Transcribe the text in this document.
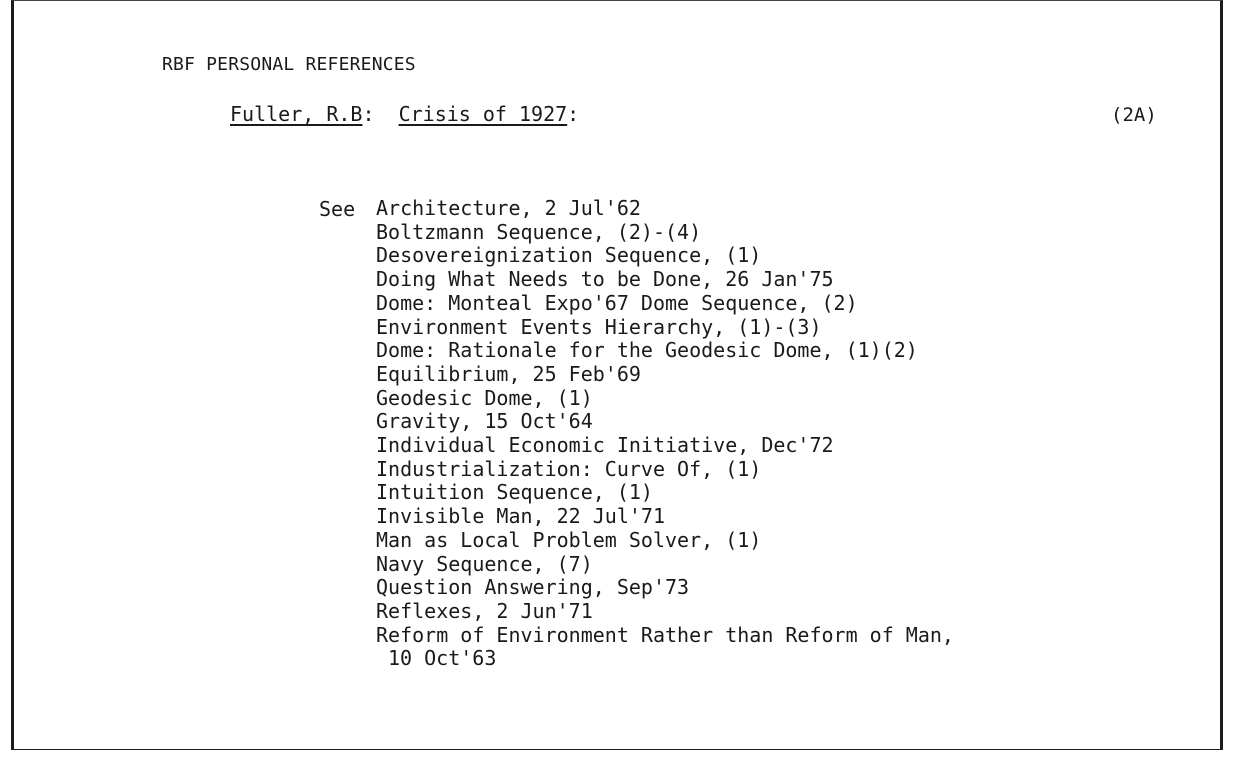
RBF PERSONAL REFERENCES
Fuller, R.B: Crisis of 1927:	(2A)
See Architecture, 2 Jul'62
Boltzmann Sequence, (2)-(4)
Desovereignization Sequence, (1)
Doing What Needs to be Done, 26 Jan'75
Dome: Monteal Expo'67 Dome Sequence, (2)
Environment Events Hierarchy, (1)-(3)
Dome: Rationale for the Geodesic Dome, (1)(2)
Equilibrium, 25 Feb'69
Geodesic Dome, (1)
Gravity, 15 Oct'64
Individual Economic Initiative, Dec'72
Industrialization: Curve Of, (1)
Intuition Sequence, (1)
Invisible Man, 22 Jul'71
Man as Local Problem Solver, (1)
Navy Sequence, (7)
Question Answering, Sep'73
Reflexes, 2 Jun'71
Reform of Environment Rather than Reform of Man,
10 Oct'63
